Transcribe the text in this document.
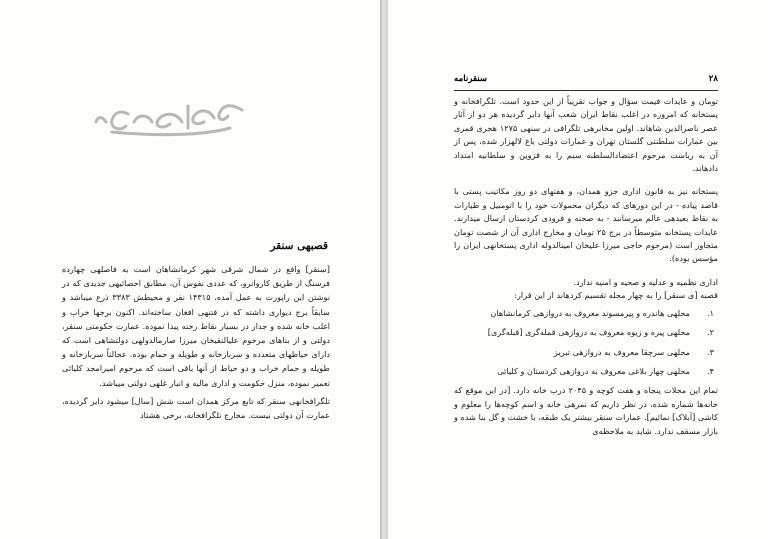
قصبهی سنقر

[سنقر] واقع در شمال شرقی شهر کرمانشاهان است به فاصلهی چهارده فرسنگ از طریق کاروانرو، که عددی نفوس آن، مطابق احصائیهی جدیدی که در نوشتن این راپورت به عمل آمده، ۱۴۳۱۵ نفر و محیطش ۳۳۸۳ ذرع میباشد و سابقاً برج دیواری داشته که در فتنهی افغان ساخته‌اند. اکنون برجها خراب و اغلب خانه شده و جدار در بسیار نقاط رخنه پیدا نموده. عمارت حکومتی سنقر، دولتی و از بناهای مرحوم علیالنقیخان میرزا صارمالدولهی دولتشاهی است که دارای حیاطهای متعدده و سربازخانه و طویله و حمام بوده. عجالتاً سربازخانه و طویله و حمام خراب و دو حیاط از آنها باقی است که مرحوم امیرامجد کلیائی تعمیر نموده، منزل حکومت و اداری مالیه و انبار غلهی دولتی میباشد.

تلگرافخانهی سنقر که تابع مرکز همدان است شش [سال] میشود دایر گردیده، عمارت آن دولتی نیست. مخارج تلگرافخانه، برخی هشتاد

۲۸
سنقرنامه

تومان و عایدات قیمت سؤال و جواب تقریباً از این حدود است. تلگرافخانه و پستخانه که امروزه در اغلب نقاط ایران شعب آنها دایر گردیده هر دو از آثار عصر ناصرالدین شاهاند. اولین مخابرهی تلگرافی در سنهی ۱۲۷۵ هجری قمری بین عمارات سلطنتی گلستان تهران و عمارات دولتی باغ لالهزار شده، پس از آن به ریاست مرحوم اعتضادالسلطنه سیم را به قزوین و سلطانیه امتداد دادهاند.

پستخانه نیز به قانون اداری جزو همدان، و هفتهای دو روز مکاتیب پستی با قاصد پیاده - در این دورهای که دیگران محمولات خود را با اتومبیل و طیارات به نقاط بعیدهی عالم میرسانند - به صحنه و فرودی کردستان ارسال میدارند. عایدات پستخانه متوسطاً در برج ۲۵ تومان و مخارج اداری آن از شصت تومان متجاوز است (مرحوم حاجی میرزا علیخان امینالدوله اداری پستخانهی ایران را مؤسس بوده).

اداری نظمیه و عدلیه و صحیه و امنیه ندارد.

قصبه [ی سنقر] را به چهار محله تقسیم کردهاند از این قرار:

۱.
محلهی هاندره و پیرمسوند معروف به دروازهی کرمانشاهان
۲.
محلهی پیره و زیوه معروف به دروازهی قمله‌گری [قبله‌گری]
۳.
محلهی سرچقا معروف به دروازهی تبریز
۴.
محلهی چهار بلاغی معروف به دروازهی کردستان و کلیائی

تمام این محلات پنجاه و هفت کوچه و ۲۰۴۵ درب خانه دارد. [در این موقع که خانه‌ها شماره شده، در نظر داریم که نمرهی خانه و اسم کوچه‌ها را معلوم و کاشی [آبلاک] نمائیم]. عمارات سنقر بیشتر یک طبقه، با خشت و گل بنا شده و بازار مسقف ندارد. شاید به ملاحظه‌ی
